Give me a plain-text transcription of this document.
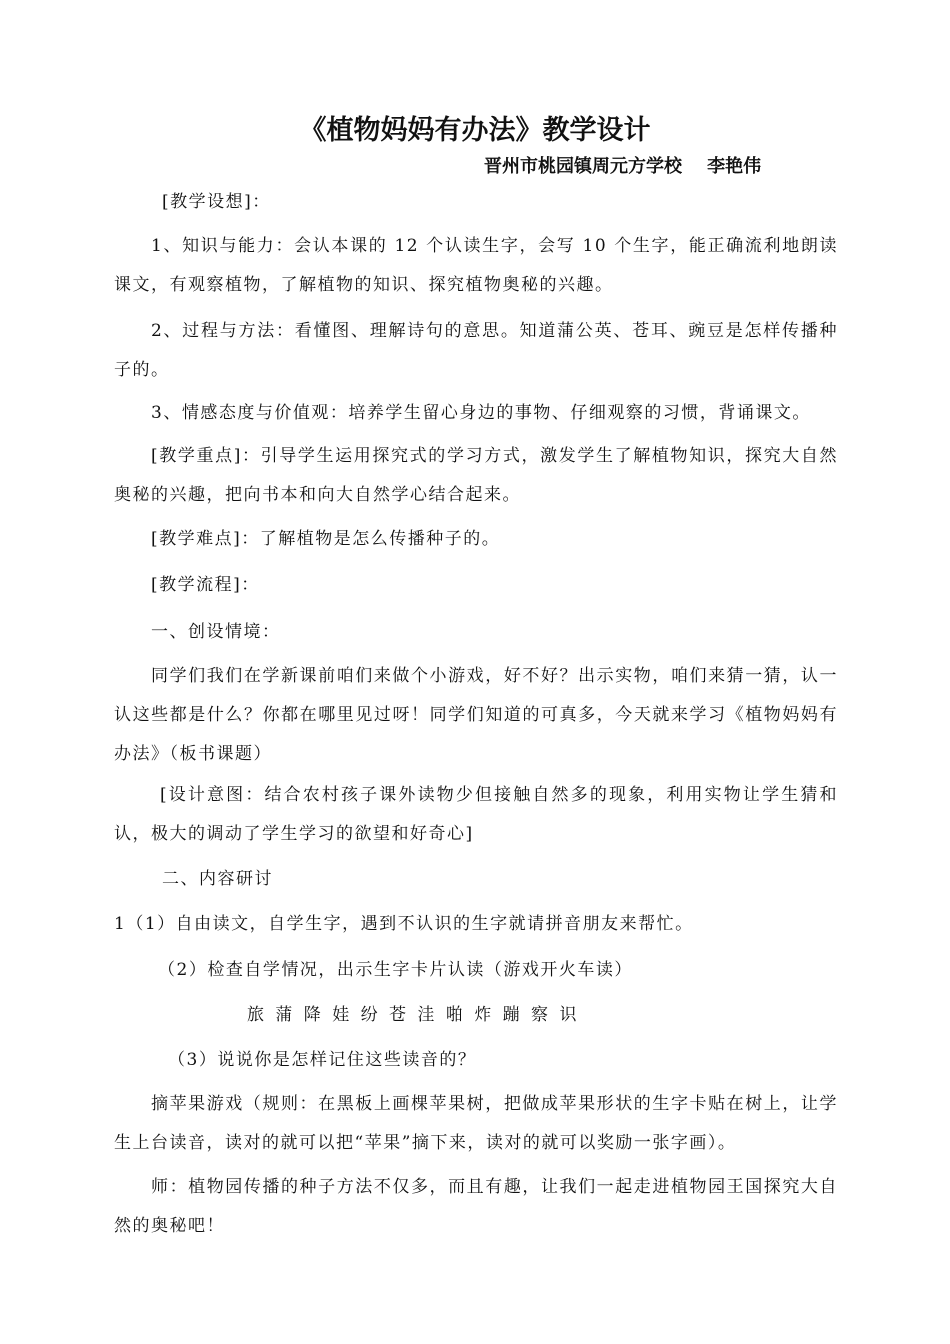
《植物妈妈有办法》教学设计
晋州市桃园镇周元方学校    李艳伟

[教学设想]：

1、知识与能力：会认本课的 12 个认读生字，会写 10 个生字，能正确流利地朗读课文，有观察植物，了解植物的知识、探究植物奥秘的兴趣。

2、过程与方法：看懂图、理解诗句的意思。知道蒲公英、苍耳、豌豆是怎样传播种子的。

3、情感态度与价值观：培养学生留心身边的事物、仔细观察的习惯，背诵课文。

[教学重点]：引导学生运用探究式的学习方式，激发学生了解植物知识，探究大自然奥秘的兴趣，把向书本和向大自然学心结合起来。

[教学难点]：了解植物是怎么传播种子的。

[教学流程]：

一、创设情境：

同学们我们在学新课前咱们来做个小游戏，好不好？出示实物，咱们来猜一猜，认一认这些都是什么？你都在哪里见过呀！同学们知道的可真多，今天就来学习《植物妈妈有办法》（板书课题）

[设计意图：结合农村孩子课外读物少但接触自然多的现象，利用实物让学生猜和认，极大的调动了学生学习的欲望和好奇心]

二、内容研讨

1（1）自由读文，自学生字，遇到不认识的生字就请拼音朋友来帮忙。

（2）检查自学情况，出示生字卡片认读（游戏开火车读）

旅 蒲 降 娃 纷 苍 洼 啪 炸 蹦 察 识

（3）说说你是怎样记住这些读音的？

摘苹果游戏（规则：在黑板上画棵苹果树，把做成苹果形状的生字卡贴在树上，让学生上台读音，读对的就可以把“苹果”摘下来，读对的就可以奖励一张字画）。

师：植物园传播的种子方法不仅多，而且有趣，让我们一起走进植物园王国探究大自然的奥秘吧！
